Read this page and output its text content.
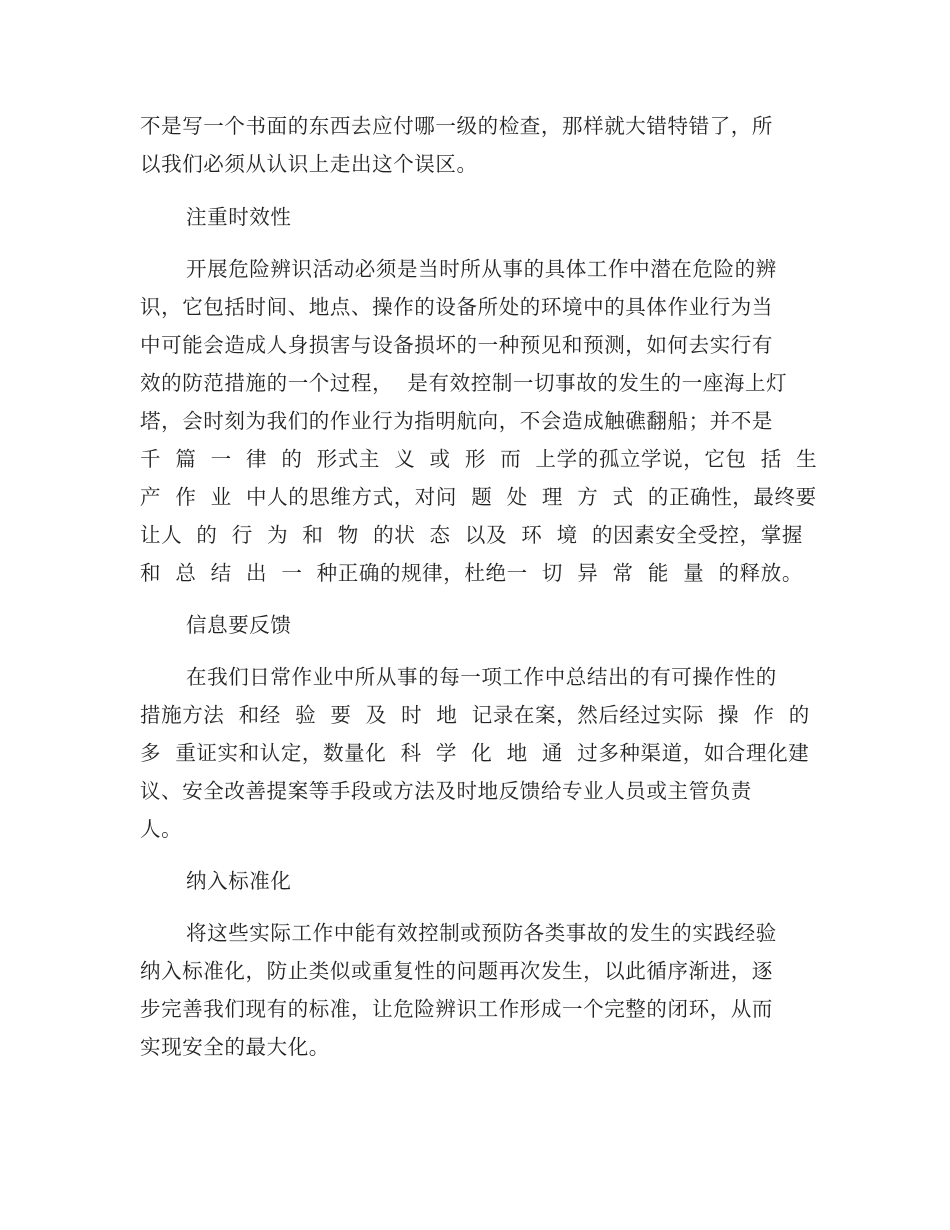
不是写一个书面的东西去应付哪一级的检查，那样就大错特错了，所
以我们必须从认识上走出这个误区。
注重时效性
开展危险辨识活动必须是当时所从事的具体工作中潜在危险的辨
识，它包括时间、地点、操作的设备所处的环境中的具体作业行为当
中可能会造成人身损害与设备损坏的一种预见和预测，如何去实行有
效的防范措施的一个过程，  是有效控制一切事故的发生的一座海上灯
塔，会时刻为我们的作业行为指明航向，不会造成触礁翻船；并不是
千  篇  一  律  的  形式主  义  或  形  而  上学的孤立学说，它包  括  生
产  作  业  中人的思维方式，对问  题  处  理  方  式  的正确性，最终要
让人  的  行  为  和  物  的状  态  以及  环  境  的因素安全受控，掌握
和  总  结  出  一  种正确的规律，杜绝一  切  异  常  能  量  的释放。
信息要反馈
在我们日常作业中所从事的每一项工作中总结出的有可操作性的
措施方法  和经  验  要  及  时  地  记录在案，然后经过实际  操  作  的
多  重证实和认定，数量化  科  学  化  地  通  过多种渠道，如合理化建
议、安全改善提案等手段或方法及时地反馈给专业人员或主管负责
人。
纳入标准化
将这些实际工作中能有效控制或预防各类事故的发生的实践经验
纳入标准化，防止类似或重复性的问题再次发生，以此循序渐进，逐
步完善我们现有的标准，让危险辨识工作形成一个完整的闭环，从而
实现安全的最大化。
